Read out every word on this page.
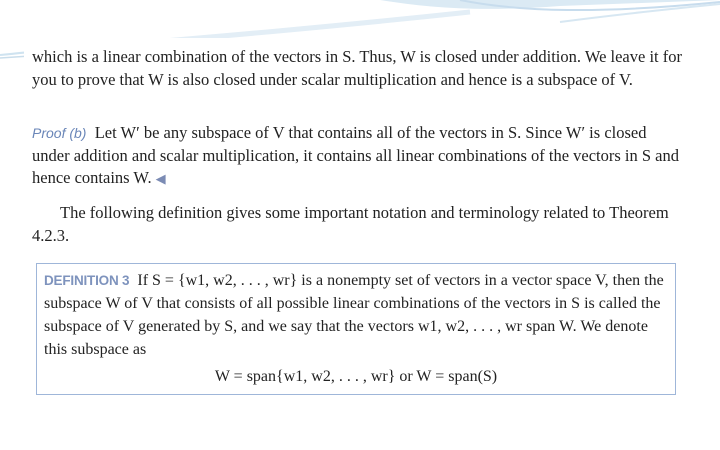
which is a linear combination of the vectors in S. Thus, W is closed under addition. We leave it for you to prove that W is also closed under scalar multiplication and hence is a subspace of V.

Proof (b) Let W′ be any subspace of V that contains all of the vectors in S. Since W′ is closed under addition and scalar multiplication, it contains all linear combinations of the vectors in S and hence contains W. ◀

The following definition gives some important notation and terminology related to Theorem 4.2.3.

DEFINITION 3 If S = {w1, w2, . . . , wr} is a nonempty set of vectors in a vector space V, then the subspace W of V that consists of all possible linear combinations of the vectors in S is called the subspace of V generated by S, and we say that the vectors w1, w2, . . . , wr span W. We denote this subspace as

W = span{w1, w2, . . . , wr} or W = span(S)
